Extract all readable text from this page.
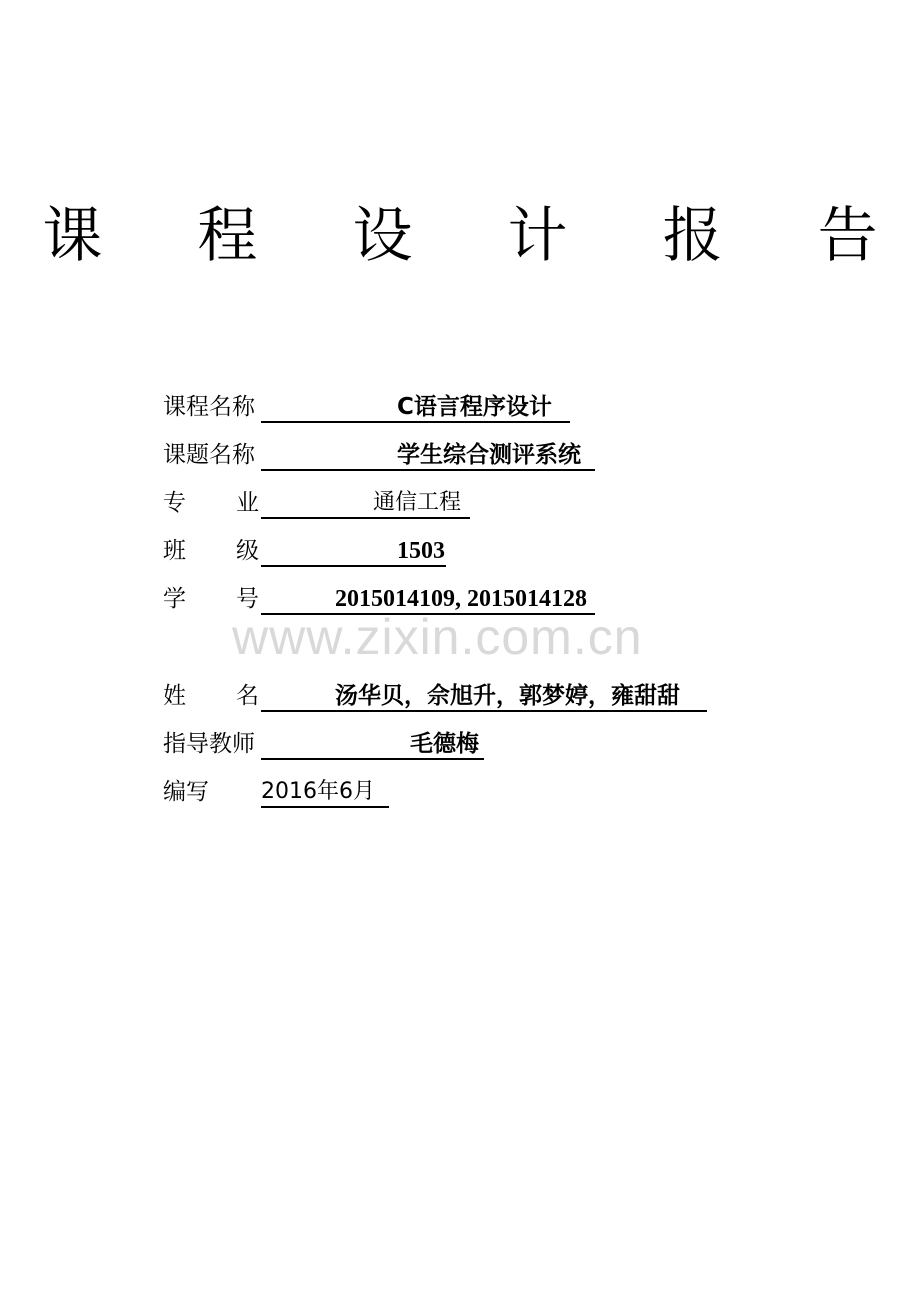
课 程 设 计 报 告
课程名称	C语言程序设计
课题名称	学生综合测评系统
专 业	通信工程
班 级	1503
学 号	2015014109, 2015014128
www.zixin.com.cn
姓 名	汤华贝，佘旭升，郭梦婷，雍甜甜
指导教师	毛德梅
编写 2016年6月
